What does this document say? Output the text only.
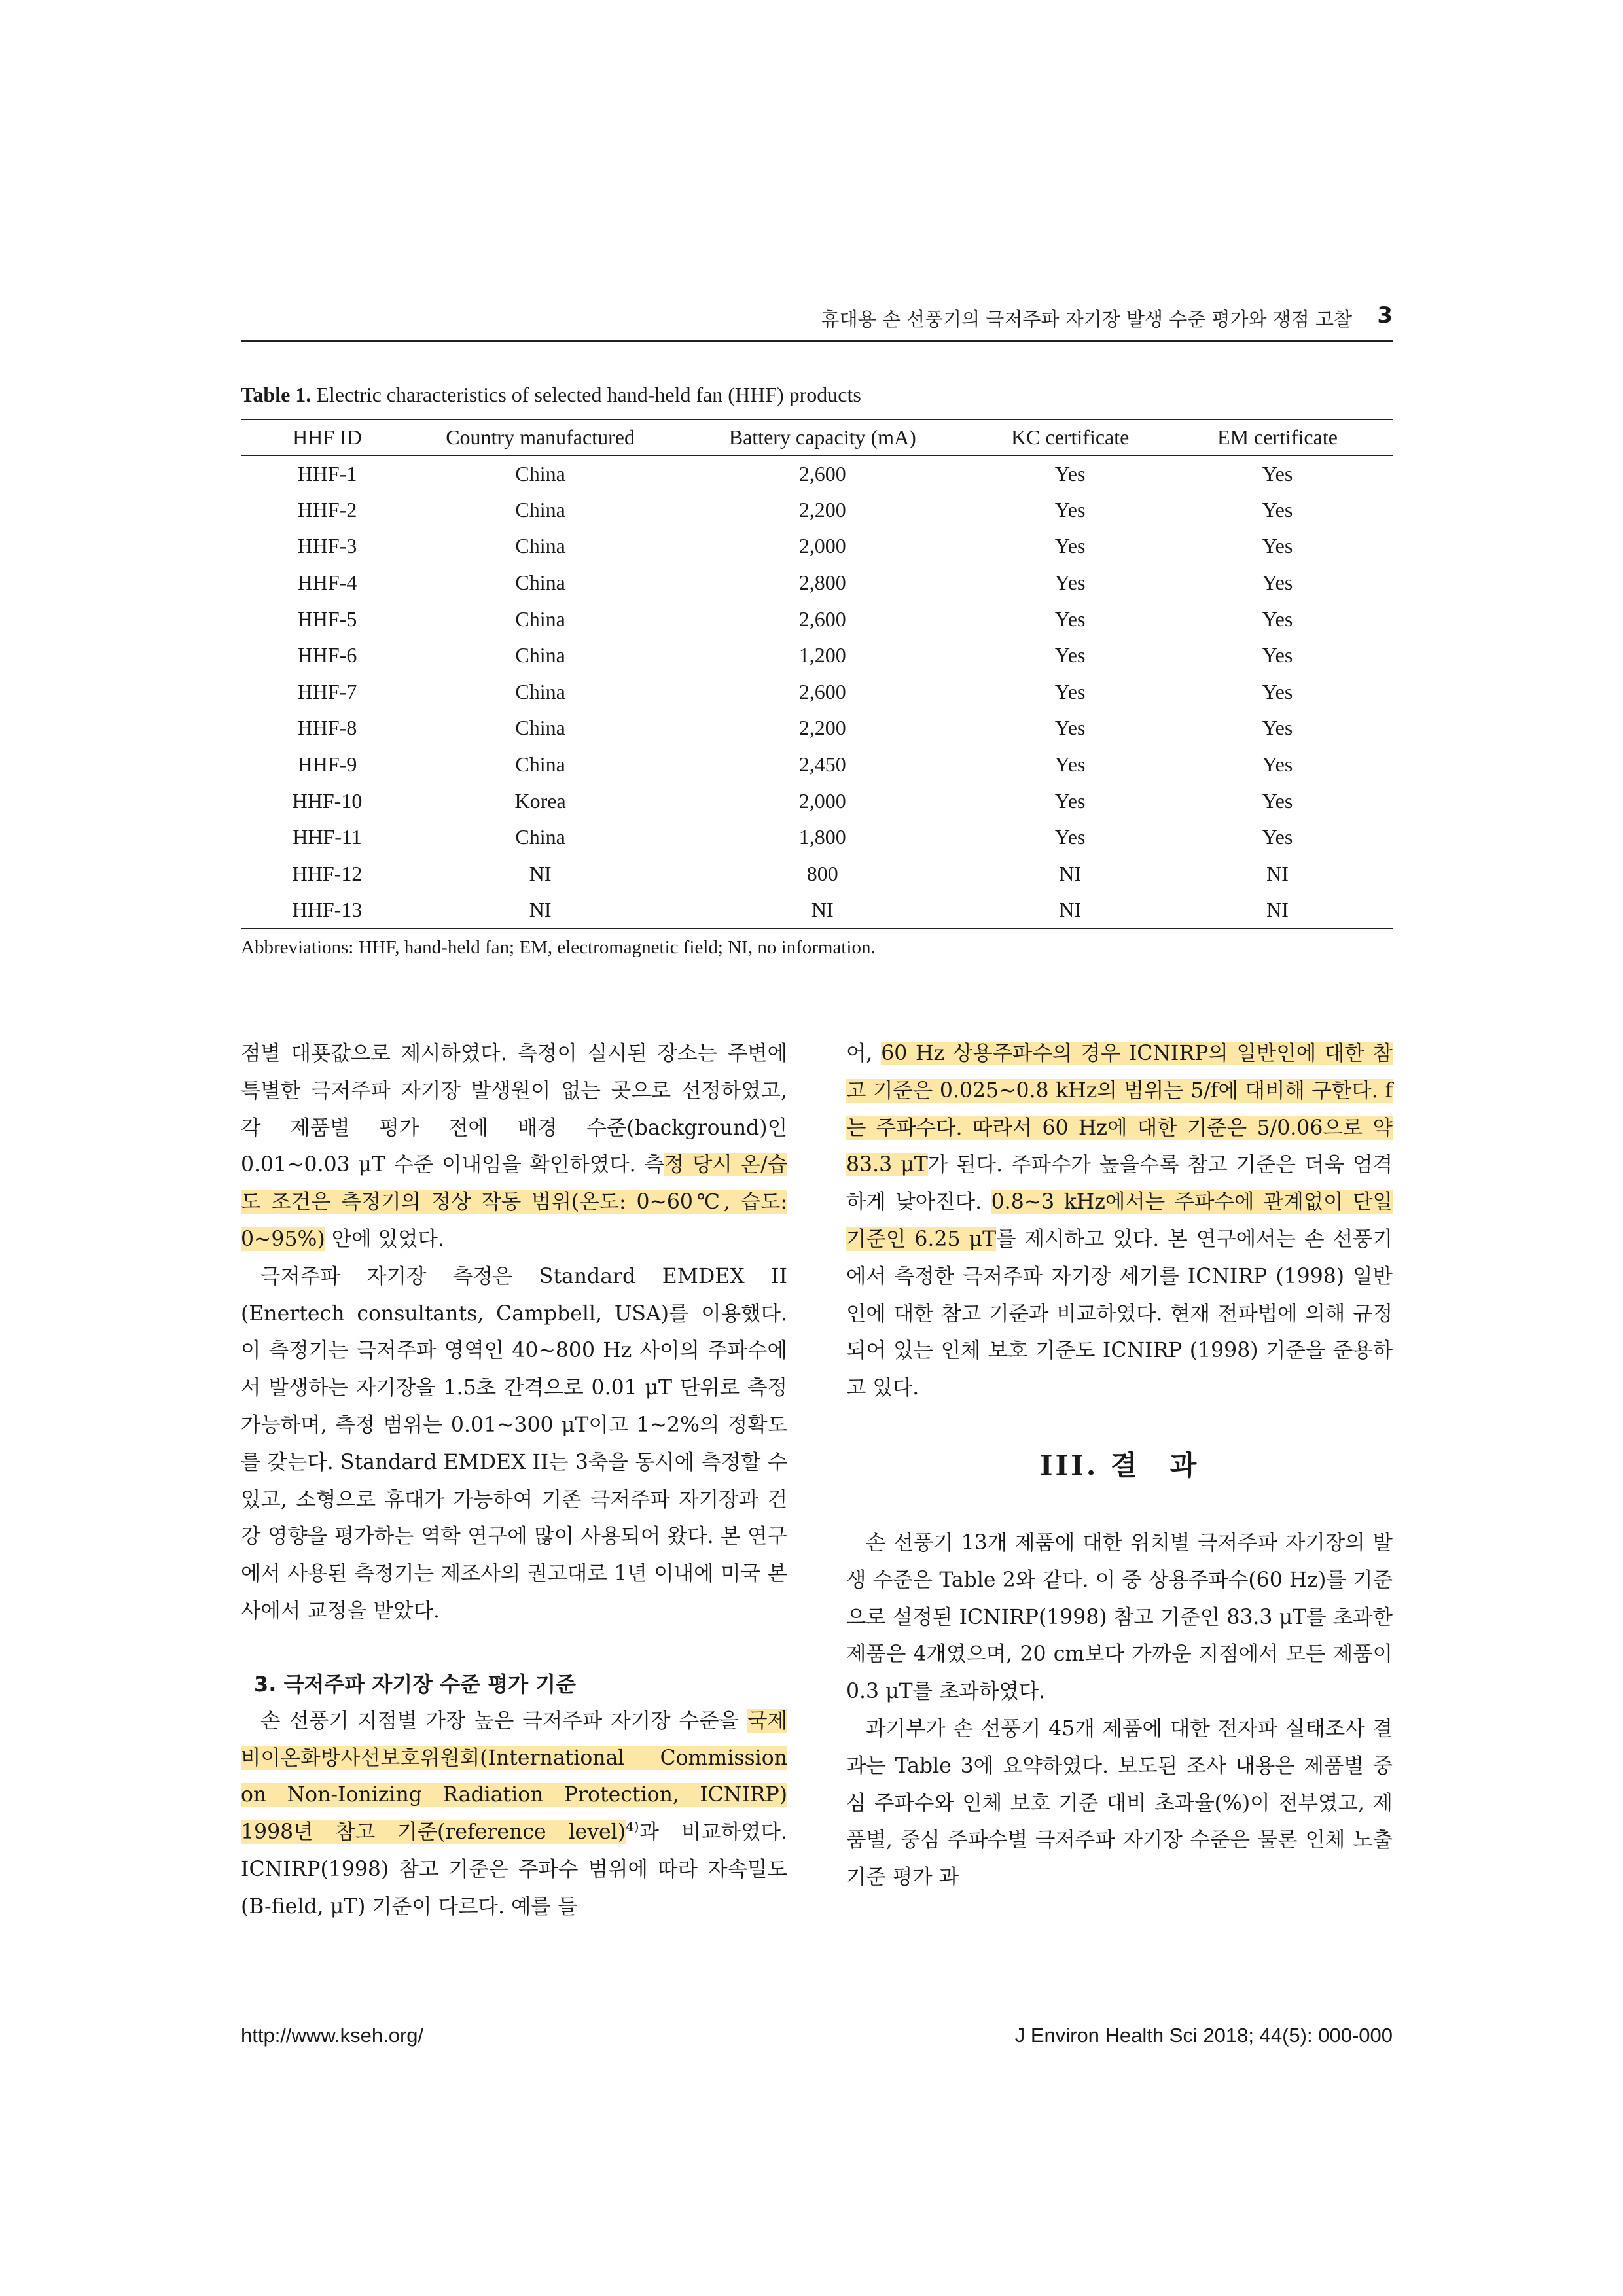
휴대용 손 선풍기의 극저주파 자기장 발생 수준 평가와 쟁점 고찰 3
Table 1. Electric characteristics of selected hand-held fan (HHF) products
HHF ID	Country manufactured	Battery capacity (mA)	KC certificate	EM certificate
HHF-1	China	2,600	Yes	Yes
HHF-2	China	2,200	Yes	Yes
HHF-3	China	2,000	Yes	Yes
HHF-4	China	2,800	Yes	Yes
HHF-5	China	2,600	Yes	Yes
HHF-6	China	1,200	Yes	Yes
HHF-7	China	2,600	Yes	Yes
HHF-8	China	2,200	Yes	Yes
HHF-9	China	2,450	Yes	Yes
HHF-10	Korea	2,000	Yes	Yes
HHF-11	China	1,800	Yes	Yes
HHF-12	NI	800	NI	NI
HHF-13	NI	NI	NI	NI
Abbreviations: HHF, hand-held fan; EM, electromagnetic field; NI, no information.

점별 대푯값으로 제시하였다. 측정이 실시된 장소는 주변에 특별한 극저주파 자기장 발생원이 없는 곳으로 선정하였고, 각 제품별 평가 전에 배경 수준(background)인 0.01~0.03 μT 수준 이내임을 확인하였다. 측정 당시 온/습도 조건은 측정기의 정상 작동 범위(온도: 0~60℃, 습도: 0~95%) 안에 있었다.

극저주파 자기장 측정은 Standard EMDEX II (Enertech consultants, Campbell, USA)를 이용했다. 이 측정기는 극저주파 영역인 40~800 Hz 사이의 주파수에서 발생하는 자기장을 1.5초 간격으로 0.01 μT 단위로 측정 가능하며, 측정 범위는 0.01~300 μT이고 1~2%의 정확도를 갖는다. Standard EMDEX II는 3축을 동시에 측정할 수 있고, 소형으로 휴대가 가능하여 기존 극저주파 자기장과 건강 영향을 평가하는 역학 연구에 많이 사용되어 왔다. 본 연구에서 사용된 측정기는 제조사의 권고대로 1년 이내에 미국 본사에서 교정을 받았다.

3. 극저주파 자기장 수준 평가 기준

손 선풍기 지점별 가장 높은 극저주파 자기장 수준을 국제비이온화방사선보호위원회(International Commission on Non-Ionizing Radiation Protection, ICNIRP) 1998년 참고 기준(reference level)$^{4)}$과 비교하였다. ICNIRP(1998) 참고 기준은 주파수 범위에 따라 자속밀도(B-field, μT) 기준이 다르다. 예를 들

어, 60 Hz 상용주파수의 경우 ICNIRP의 일반인에 대한 참고 기준은 0.025~0.8 kHz의 범위는 5/f에 대비해 구한다. f는 주파수다. 따라서 60 Hz에 대한 기준은 5/0.06으로 약 83.3 μT가 된다. 주파수가 높을수록 참고 기준은 더욱 엄격하게 낮아진다. 0.8~3 kHz에서는 주파수에 관계없이 단일 기준인 6.25 μT를 제시하고 있다. 본 연구에서는 손 선풍기에서 측정한 극저주파 자기장 세기를 ICNIRP (1998) 일반인에 대한 참고 기준과 비교하였다. 현재 전파법에 의해 규정되어 있는 인체 보호 기준도 ICNIRP (1998) 기준을 준용하고 있다.

III. 결　과

손 선풍기 13개 제품에 대한 위치별 극저주파 자기장의 발생 수준은 Table 2와 같다. 이 중 상용주파수(60 Hz)를 기준으로 설정된 ICNIRP(1998) 참고 기준인 83.3 μT를 초과한 제품은 4개였으며, 20 cm보다 가까운 지점에서 모든 제품이 0.3 μT를 초과하였다.

과기부가 손 선풍기 45개 제품에 대한 전자파 실태조사 결과는 Table 3에 요약하였다. 보도된 조사 내용은 제품별 중심 주파수와 인체 보호 기준 대비 초과율(%)이 전부였고, 제품별, 중심 주파수별 극저주파 자기장 수준은 물론 인체 노출 기준 평가 과

http://www.kseh.org/	J Environ Health Sci 2018; 44(5): 000-000
